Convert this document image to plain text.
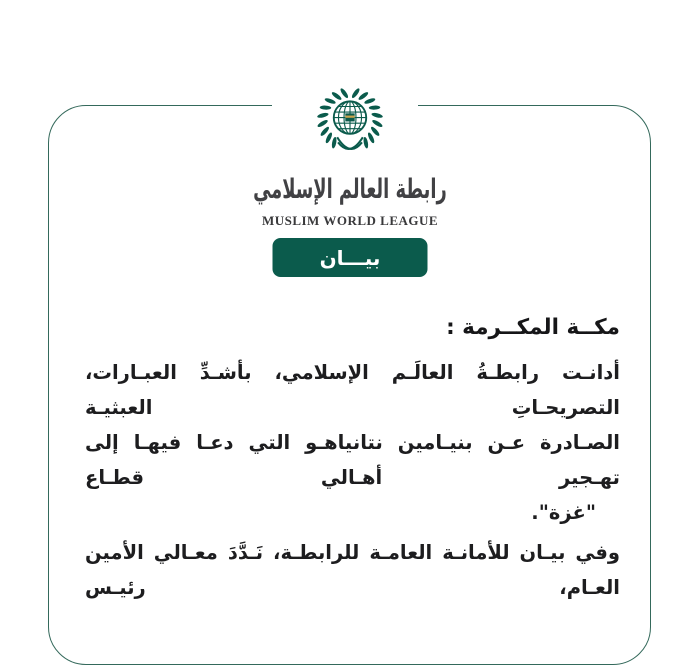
رابطة العالم الإسلامي
MUSLIM WORLD LEAGUE
بيـــان
مكــة المكــرمة :
أدانـت رابطـةُ العالَـم الإسلامي، بأشـدِّ العبـارات، التصريحـاتِ العبثيـة
الصـادرة عـن بنيـامين نتانياهـو التي دعـا فيهـا إلى تهـجير أهـالي قطـاع
"غزة".
وفي بيـان للأمانـة العامـة للرابطـة، نَـدَّدَ معـالي الأمين العـام، رئيـس
